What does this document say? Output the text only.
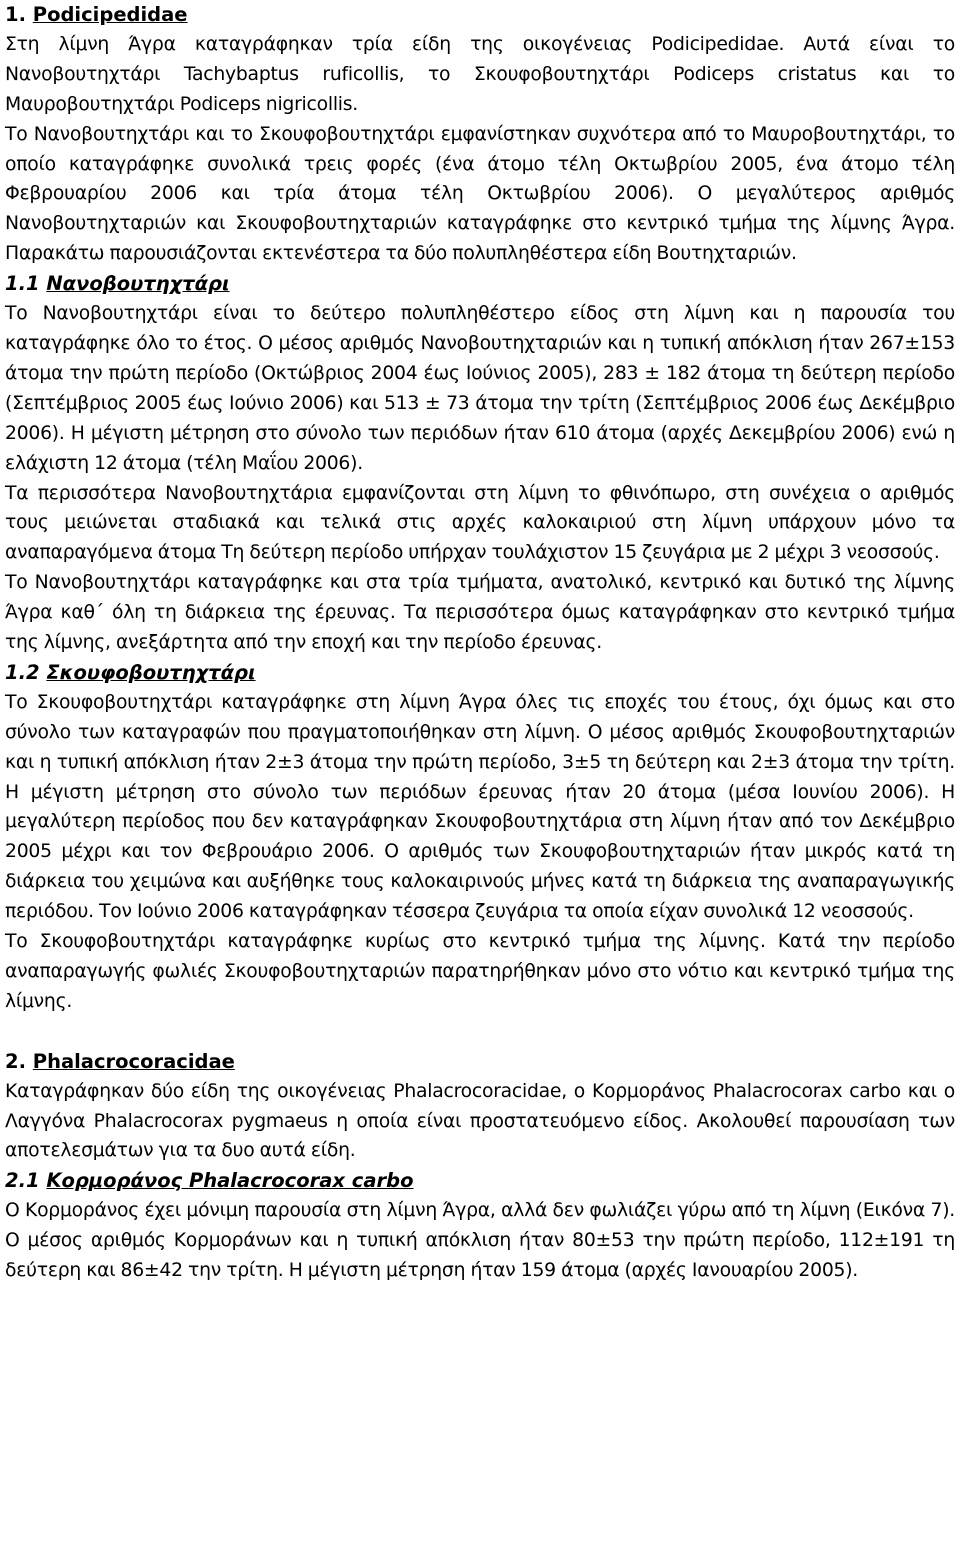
1. Podicipedidae

Στη λίμνη Άγρα καταγράφηκαν τρία είδη της οικογένειας Podicipedidae. Αυτά είναι το Νανοβουτηχτάρι Tachybaptus ruficollis, το Σκουφοβουτηχτάρι Podiceps cristatus και το Μαυροβουτηχτάρι Podiceps nigricollis.

Το Νανοβουτηχτάρι και το Σκουφοβουτηχτάρι εμφανίστηκαν συχνότερα από το Μαυροβουτηχτάρι, το οποίο καταγράφηκε συνολικά τρεις φορές (ένα άτομο τέλη Οκτωβρίου 2005, ένα άτομο τέλη Φεβρουαρίου 2006 και τρία άτομα τέλη Οκτωβρίου 2006). Ο μεγαλύτερος αριθμός Νανοβουτηχταριών και Σκουφοβουτηχταριών καταγράφηκε στο κεντρικό τμήμα της λίμνης Άγρα. Παρακάτω παρουσιάζονται εκτενέστερα τα δύο πολυπληθέστερα είδη Βουτηχταριών.

1.1 Νανοβουτηχτάρι

Το Νανοβουτηχτάρι είναι το δεύτερο πολυπληθέστερο είδος στη λίμνη και η παρουσία του καταγράφηκε όλο το έτος. Ο μέσος αριθμός Νανοβουτηχταριών και η τυπική απόκλιση ήταν 267±153 άτομα την πρώτη περίοδο (Οκτώβριος 2004 έως Ιούνιος 2005), 283 ± 182 άτομα τη δεύτερη περίοδο (Σεπτέμβριος 2005 έως Ιούνιο 2006) και 513 ± 73 άτομα την τρίτη (Σεπτέμβριος 2006 έως Δεκέμβριο 2006). Η μέγιστη μέτρηση στο σύνολο των περιόδων ήταν 610 άτομα (αρχές Δεκεμβρίου 2006) ενώ η ελάχιστη 12 άτομα (τέλη Μαΐου 2006).

Τα περισσότερα Νανοβουτηχτάρια εμφανίζονται στη λίμνη το φθινόπωρο, στη συνέχεια ο αριθμός τους μειώνεται σταδιακά και τελικά στις αρχές καλοκαιριού στη λίμνη υπάρχουν μόνο τα αναπαραγόμενα άτομα Τη δεύτερη περίοδο υπήρχαν τουλάχιστον 15 ζευγάρια με 2 μέχρι 3 νεοσσούς.

Το Νανοβουτηχτάρι καταγράφηκε και στα τρία τμήματα, ανατολικό, κεντρικό και δυτικό της λίμνης Άγρα καθ΄ όλη τη διάρκεια της έρευνας. Τα περισσότερα όμως καταγράφηκαν στο κεντρικό τμήμα της λίμνης, ανεξάρτητα από την εποχή και την περίοδο έρευνας.

1.2 Σκουφοβουτηχτάρι

Το Σκουφοβουτηχτάρι καταγράφηκε στη λίμνη Άγρα όλες τις εποχές του έτους, όχι όμως και στο σύνολο των καταγραφών που πραγματοποιήθηκαν στη λίμνη. Ο μέσος αριθμός Σκουφοβουτηχταριών και η τυπική απόκλιση ήταν 2±3 άτομα την πρώτη περίοδο, 3±5 τη δεύτερη και 2±3 άτομα την τρίτη. Η μέγιστη μέτρηση στο σύνολο των περιόδων έρευνας ήταν 20 άτομα (μέσα Ιουνίου 2006). Η μεγαλύτερη περίοδος που δεν καταγράφηκαν Σκουφοβουτηχτάρια στη λίμνη ήταν από τον Δεκέμβριο 2005 μέχρι και τον Φεβρουάριο 2006. Ο αριθμός των Σκουφοβουτηχταριών ήταν μικρός κατά τη διάρκεια του χειμώνα και αυξήθηκε τους καλοκαιρινούς μήνες κατά τη διάρκεια της αναπαραγωγικής περιόδου. Τον Ιούνιο 2006 καταγράφηκαν τέσσερα ζευγάρια τα οποία είχαν συνολικά 12 νεοσσούς.

Το Σκουφοβουτηχτάρι καταγράφηκε κυρίως στο κεντρικό τμήμα της λίμνης. Κατά την περίοδο αναπαραγωγής φωλιές Σκουφοβουτηχταριών παρατηρήθηκαν μόνο στο νότιο και κεντρικό τμήμα της λίμνης.

2. Phalacrocoracidae

Καταγράφηκαν δύο είδη της οικογένειας Phalacrocoracidae, ο Κορμοράνος Phalacrocorax carbo και ο Λαγγόνα Phalacrocorax pygmaeus η οποία είναι προστατευόμενο είδος. Ακολουθεί παρουσίαση των αποτελεσμάτων για τα δυο αυτά είδη.

2.1 Κορμοράνος Phalacrocorax carbo

Ο Κορμοράνος έχει μόνιμη παρουσία στη λίμνη Άγρα, αλλά δεν φωλιάζει γύρω από τη λίμνη (Εικόνα 7). Ο μέσος αριθμός Κορμοράνων και η τυπική απόκλιση ήταν 80±53 την πρώτη περίοδο, 112±191 τη δεύτερη και 86±42 την τρίτη. Η μέγιστη μέτρηση ήταν 159 άτομα (αρχές Ιανουαρίου 2005).
